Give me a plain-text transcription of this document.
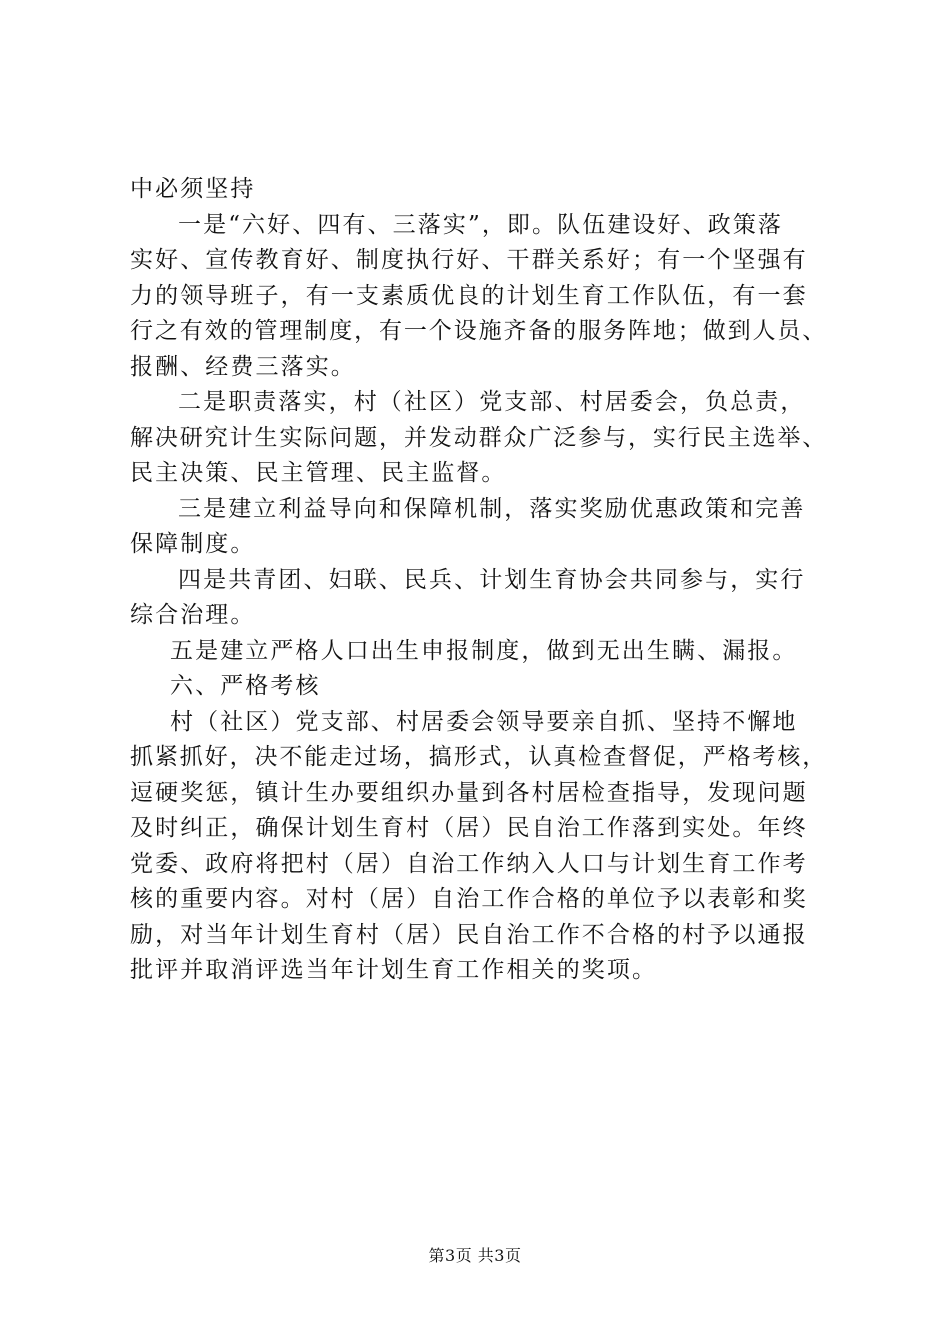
中必须坚持
一是“六好、四有、三落实”，即。队伍建设好、政策落
实好、宣传教育好、制度执行好、干群关系好；有一个坚强有
力的领导班子，有一支素质优良的计划生育工作队伍，有一套
行之有效的管理制度，有一个设施齐备的服务阵地；做到人员、
报酬、经费三落实。
二是职责落实，村（社区）党支部、村居委会，负总责，
解决研究计生实际问题，并发动群众广泛参与，实行民主选举、
民主决策、民主管理、民主监督。
三是建立利益导向和保障机制，落实奖励优惠政策和完善
保障制度。
四是共青团、妇联、民兵、计划生育协会共同参与，实行
综合治理。
五是建立严格人口出生申报制度，做到无出生瞒、漏报。
六、严格考核
村（社区）党支部、村居委会领导要亲自抓、坚持不懈地
抓紧抓好，决不能走过场，搞形式，认真检查督促，严格考核，
逗硬奖惩，镇计生办要组织办量到各村居检查指导，发现问题
及时纠正，确保计划生育村（居）民自治工作落到实处。年终
党委、政府将把村（居）自治工作纳入人口与计划生育工作考
核的重要内容。对村（居）自治工作合格的单位予以表彰和奖
励，对当年计划生育村（居）民自治工作不合格的村予以通报
批评并取消评选当年计划生育工作相关的奖项。
第3页 共3页
